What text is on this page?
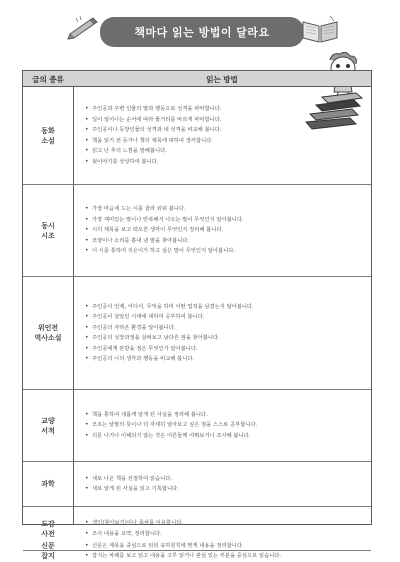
책마다 읽는 방법이 달라요
글의 종류	읽는 방법
동화
소설
• 주인공과 주변 인물의 말과 행동으로 성격을 파악합니다.
• 일이 일어나는 순서에 따라 줄거리를 바르게 파악합니다.
• 주인공이나 등장인물의 성격과 내 성격을 비교해 봅니다.
• 책을 읽기 전 등가나 책의 제목에 대하여 생각합니다.
• 읽고 난 후의 느낌을 말해봅니다.
• 뒷이야기를 상상하여 봅니다.
동시
시조
• 가장 마음에 드는 시를 골라 외워 봅니다.
• 가장 재미있는 말이나 반복해서 나오는 말이 무엇인지 알아봅니다.
• 시의 제목을 보고 떠오른 생각이 무엇인지 정리해 봅니다.
• 모양이나 소리를 흉내 낸 말을 찾아봅니다.
• 이 시를 통하여 지은이가 하고 싶은 말이 무엇인지 알아봅니다.
위인전
역사소설
• 주인공이 언제, 어디서, 무엇을 하여 어떤 업적을 남겼는지 알아봅니다.
• 주인공이 살았던 시대에 대하여 공부하여 봅니다.
• 주인공의 자라온 환경을 알아봅니다.
• 주인공의 성장과정을 살펴보고 남다른 점을 찾아봅니다.
• 주인공에게 본받을 점은 무엇인가 알아봅니다.
• 주인공의 나의 생각과 행동을 비교해 봅니다.
교양
서적
• 책을 통하여 새롭게 알게 된 사실을 정리해 봅니다.
• 모르는 낱말의 뜻이나 더 자세히 알아보고 싶은 점을 스스로 공부합니다.
• 의문 나거나 이해되지 않는 것은 어른들께 여쭤보거나 조사해 봅니다.
과학
• 새로 나온 책을 선정하여 읽습니다.
• 새로 알게 된 사실을 읽고 기록합니다.
도감
사전
• 색인(찾아보기)이나 목차를 이용합니다.
• 조사 내용을 요약, 정리합니다.
신문
잡지
• 신문은 제목을 중심으로 읽되 육하원칙에 맞게 내용을 정리합니다.
• 잡지는 차례를 보고 읽고 내용을 고루 읽거나 관심 있는 부분을 중심으로 읽습니다.
